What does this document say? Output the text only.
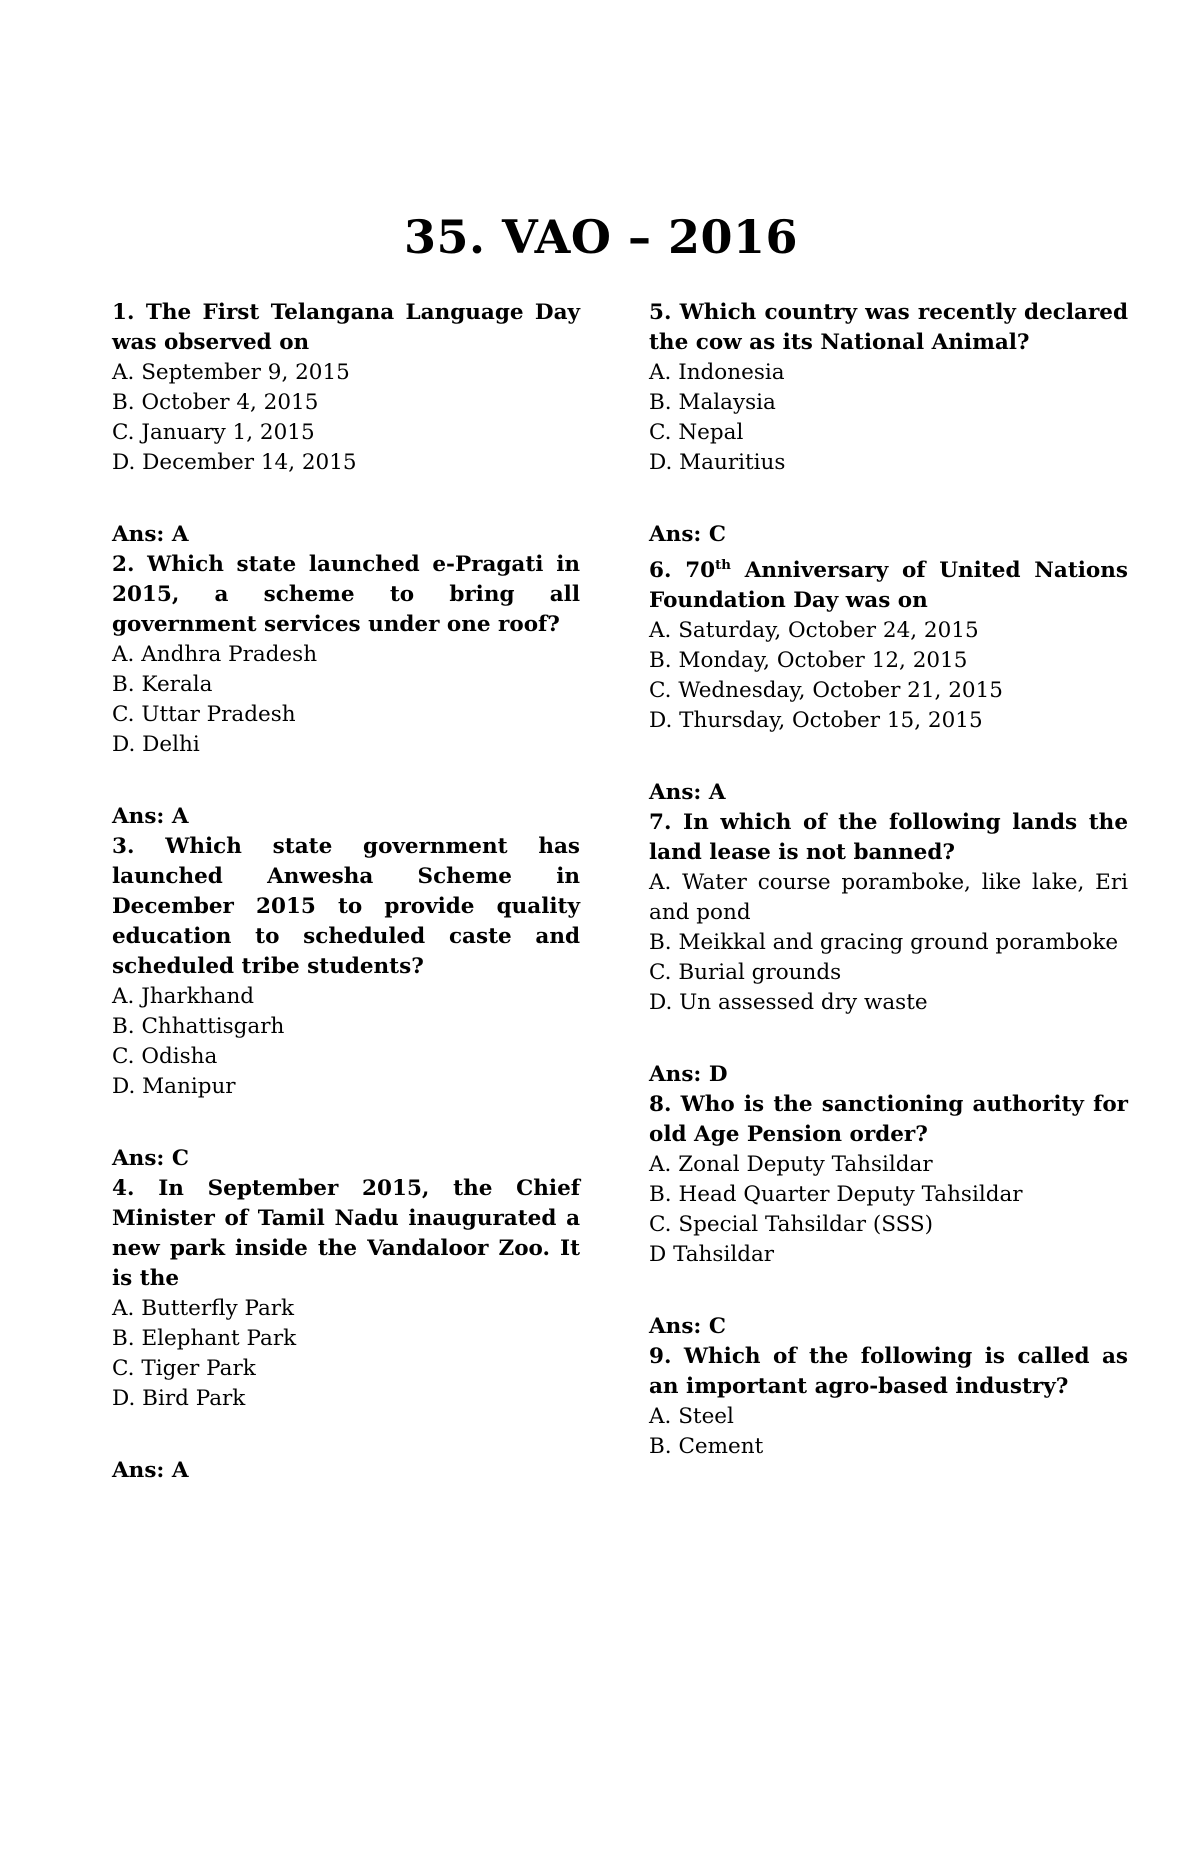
35. VAO – 2016

1. The First Telangana Language Day was observed on

A. September 9, 2015

B. October 4, 2015

C. January 1, 2015

D. December 14, 2015

Ans: A

2. Which state launched e-Pragati in 2015, a scheme to bring all government services under one roof?

A. Andhra Pradesh

B. Kerala

C. Uttar Pradesh

D. Delhi

Ans: A

3. Which state government has launched Anwesha Scheme in December 2015 to provide quality education to scheduled caste and scheduled tribe students?

A. Jharkhand

B. Chhattisgarh

C. Odisha

D. Manipur

Ans: C

4. In September 2015, the Chief Minister of Tamil Nadu inaugurated a new park inside the Vandaloor Zoo. It is the

A. Butterfly Park

B. Elephant Park

C. Tiger Park

D. Bird Park

Ans: A

5. Which country was recently declared the cow as its National Animal?

A. Indonesia

B. Malaysia

C. Nepal

D. Mauritius

Ans: C

6. 70th Anniversary of United Nations Foundation Day was on

A. Saturday, October 24, 2015

B. Monday, October 12, 2015

C. Wednesday, October 21, 2015

D. Thursday, October 15, 2015

Ans: A

7. In which of the following lands the land lease is not banned?

A. Water course poramboke, like lake, Eri and pond

B. Meikkal and gracing ground poramboke

C. Burial grounds

D. Un assessed dry waste

Ans: D

8. Who is the sanctioning authority for old Age Pension order?

A. Zonal Deputy Tahsildar

B. Head Quarter Deputy Tahsildar

C. Special Tahsildar (SSS)

D Tahsildar

Ans: C

9. Which of the following is called as an important agro-based industry?

A. Steel

B. Cement
